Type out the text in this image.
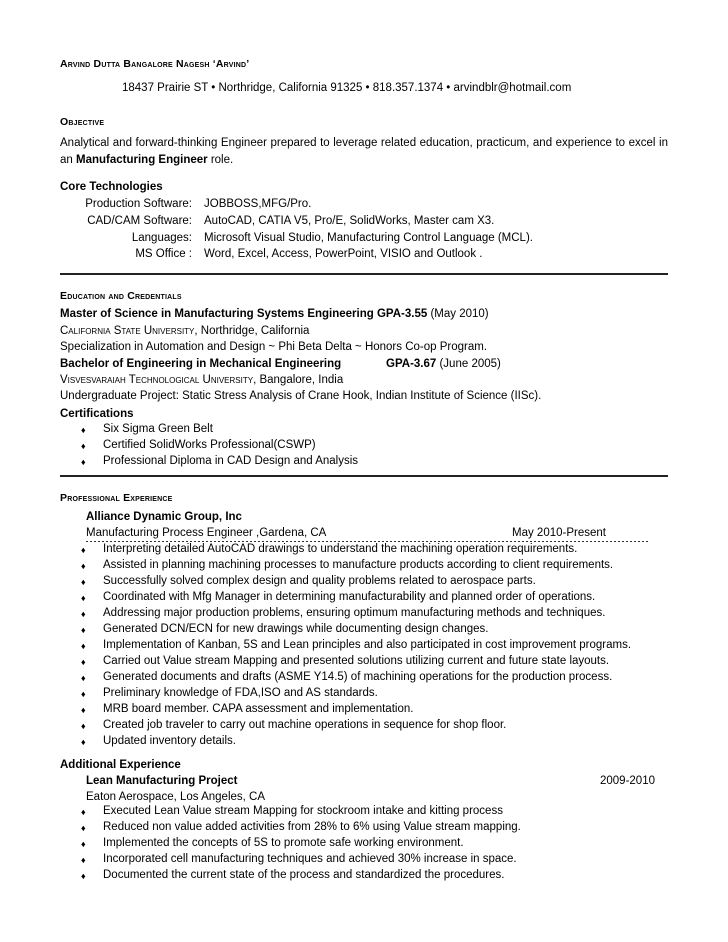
Arvind Dutta Bangalore Nagesh ‘Arvind’
18437 Prairie ST • Northridge, California 91325 • 818.357.1374 • arvindblr@hotmail.com
Objective
Analytical and forward-thinking Engineer prepared to leverage related education, practicum, and experience to excel in an Manufacturing Engineer role.
Core Technologies
Production Software: JOBBOSS,MFG/Pro.
CAD/CAM Software: AutoCAD, CATIA V5, Pro/E, SolidWorks, Master cam X3.
Languages: Microsoft Visual Studio, Manufacturing Control Language (MCL).
MS Office : Word, Excel, Access, PowerPoint, VISIO and Outlook .
Education and Credentials
Master of Science in Manufacturing Systems Engineering GPA-3.55 (May 2010)
California State University, Northridge, California
Specialization in Automation and Design ~ Phi Beta Delta ~ Honors Co-op Program.
Bachelor of Engineering in Mechanical Engineering	GPA-3.67 (June 2005)
Visvesvaraiah Technological University, Bangalore, India
Undergraduate Project: Static Stress Analysis of Crane Hook, Indian Institute of Science (IISc).
Certifications
♦ Six Sigma Green Belt
♦ Certified SolidWorks Professional(CSWP)
♦ Professional Diploma in CAD Design and Analysis
Professional Experience
Alliance Dynamic Group, Inc
Manufacturing Process Engineer ,Gardena, CA	May 2010-Present
♦ Interpreting detailed AutoCAD drawings to understand the machining operation requirements.
♦ Assisted in planning machining processes to manufacture products according to client requirements.
♦ Successfully solved complex design and quality problems related to aerospace parts.
♦ Coordinated with Mfg Manager in determining manufacturability and planned order of operations.
♦ Addressing major production problems, ensuring optimum manufacturing methods and techniques.
♦ Generated DCN/ECN for new drawings while documenting design changes.
♦ Implementation of Kanban, 5S and Lean principles and also participated in cost improvement programs.
♦ Carried out Value stream Mapping and presented solutions utilizing current and future state layouts.
♦ Generated documents and drafts (ASME Y14.5) of machining operations for the production process.
♦ Preliminary knowledge of FDA,ISO and AS standards.
♦ MRB board member. CAPA assessment and implementation.
♦ Created job traveler to carry out machine operations in sequence for shop floor.
♦ Updated inventory details.
Additional Experience
Lean Manufacturing Project	2009-2010
Eaton Aerospace, Los Angeles, CA
♦ Executed Lean Value stream Mapping for stockroom intake and kitting process
♦ Reduced non value added activities from 28% to 6% using Value stream mapping.
♦ Implemented the concepts of 5S to promote safe working environment.
♦ Incorporated cell manufacturing techniques and achieved 30% increase in space.
♦ Documented the current state of the process and standardized the procedures.
